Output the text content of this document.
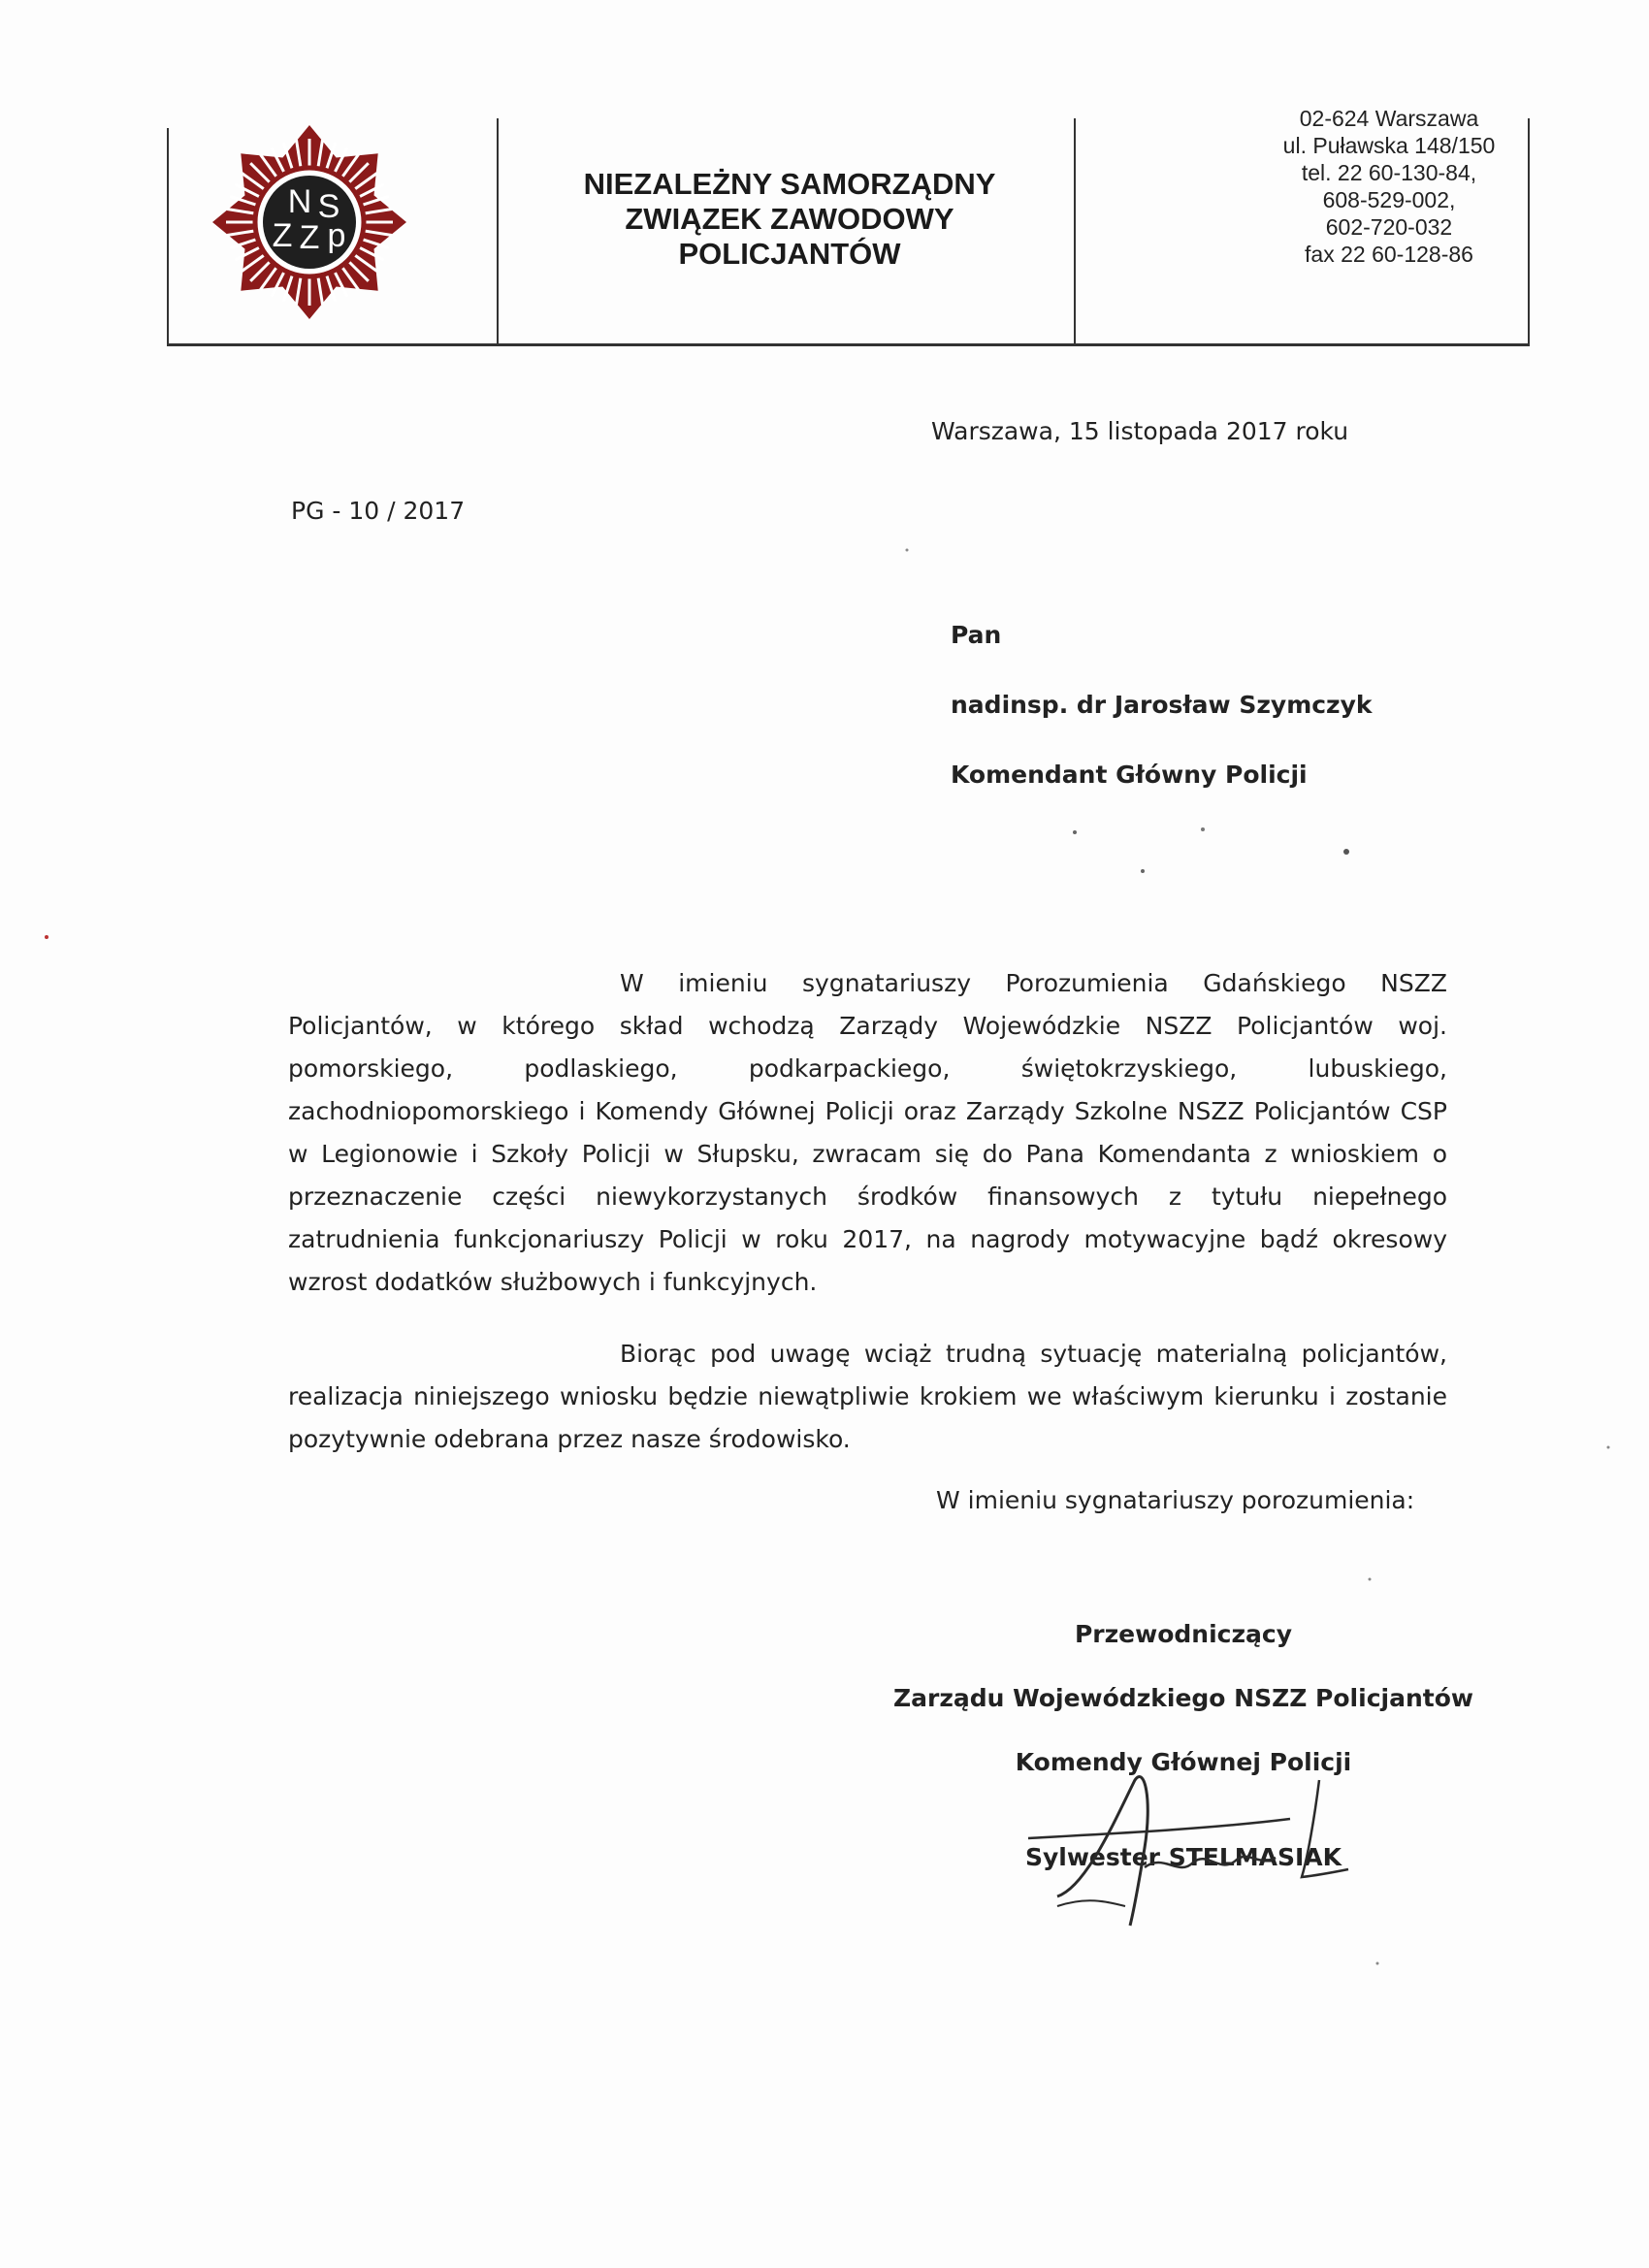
N S
Z Z p
NIEZALEŻNY SAMORZĄDNY
ZWIĄZEK ZAWODOWY
POLICJANTÓW
02-624 Warszawa
ul. Puławska 148/150
tel. 22 60-130-84,
608-529-002,
602-720-032
fax 22 60-128-86
Warszawa, 15 listopada 2017 roku
PG - 10 / 2017
Pan
nadinsp. dr Jarosław Szymczyk
Komendant Główny Policji
W imieniu sygnatariuszy Porozumienia Gdańskiego NSZZ Policjantów, w którego skład wchodzą Zarządy Wojewódzkie NSZZ Policjantów woj. pomorskiego, podlaskiego, podkarpackiego, świętokrzyskiego, lubuskiego, zachodniopomorskiego i Komendy Głównej Policji oraz Zarządy Szkolne NSZZ Policjantów CSP w Legionowie i Szkoły Policji w Słupsku, zwracam się do Pana Komendanta z wnioskiem o przeznaczenie części niewykorzystanych środków finansowych z tytułu niepełnego zatrudnienia funkcjonariuszy Policji w roku 2017, na nagrody motywacyjne bądź okresowy wzrost dodatków służbowych i funkcyjnych.
Biorąc pod uwagę wciąż trudną sytuację materialną policjantów, realizacja niniejszego wniosku będzie niewątpliwie krokiem we właściwym kierunku i zostanie pozytywnie odebrana przez nasze środowisko.
W imieniu sygnatariuszy porozumienia:
Przewodniczący
Zarządu Wojewódzkiego NSZZ Policjantów
Komendy Głównej Policji
Sylwester STELMASIAK
